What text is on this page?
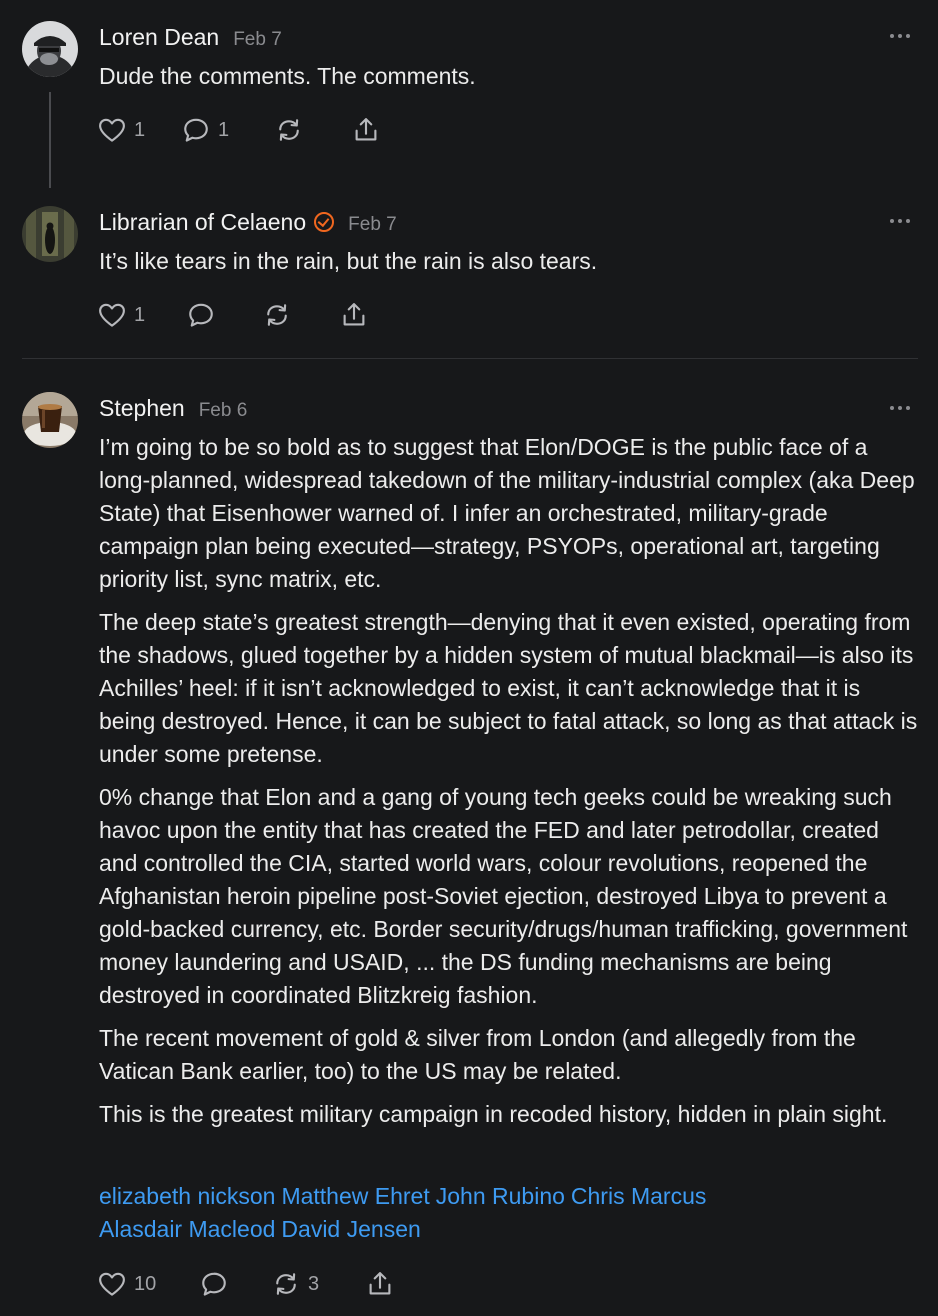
Loren Dean Feb 7

Dude the comments. The comments.

1	1
Librarian of Celaeno Feb 7

It’s like tears in the rain, but the rain is also tears.

1
Stephen Feb 6

I’m going to be so bold as to suggest that Elon/DOGE is the public face of a long-planned, widespread takedown of the military-industrial complex (aka Deep State) that Eisenhower warned of. I infer an orchestrated, military-grade campaign plan being executed—strategy, PSYOPs, operational art, targeting priority list, sync matrix, etc.

The deep state’s greatest strength—denying that it even existed, operating from the shadows, glued together by a hidden system of mutual blackmail—is also its Achilles’ heel: if it isn’t acknowledged to exist, it can’t acknowledge that it is being destroyed. Hence, it can be subject to fatal attack, so long as that attack is under some pretense.

0% change that Elon and a gang of young tech geeks could be wreaking such havoc upon the entity that has created the FED and later petrodollar, created and controlled the CIA, started world wars, colour revolutions, reopened the Afghanistan heroin pipeline post-Soviet ejection, destroyed Libya to prevent a gold-backed currency, etc. Border security/drugs/human trafficking, government money laundering and USAID, ... the DS funding mechanisms are being destroyed in coordinated Blitzkreig fashion.

The recent movement of gold & silver from London (and allegedly from the Vatican Bank earlier, too) to the US may be related.

This is the greatest military campaign in recoded history, hidden in plain sight.

elizabeth nickson Matthew Ehret John Rubino Chris Marcus
Alasdair Macleod David Jensen
10	3
